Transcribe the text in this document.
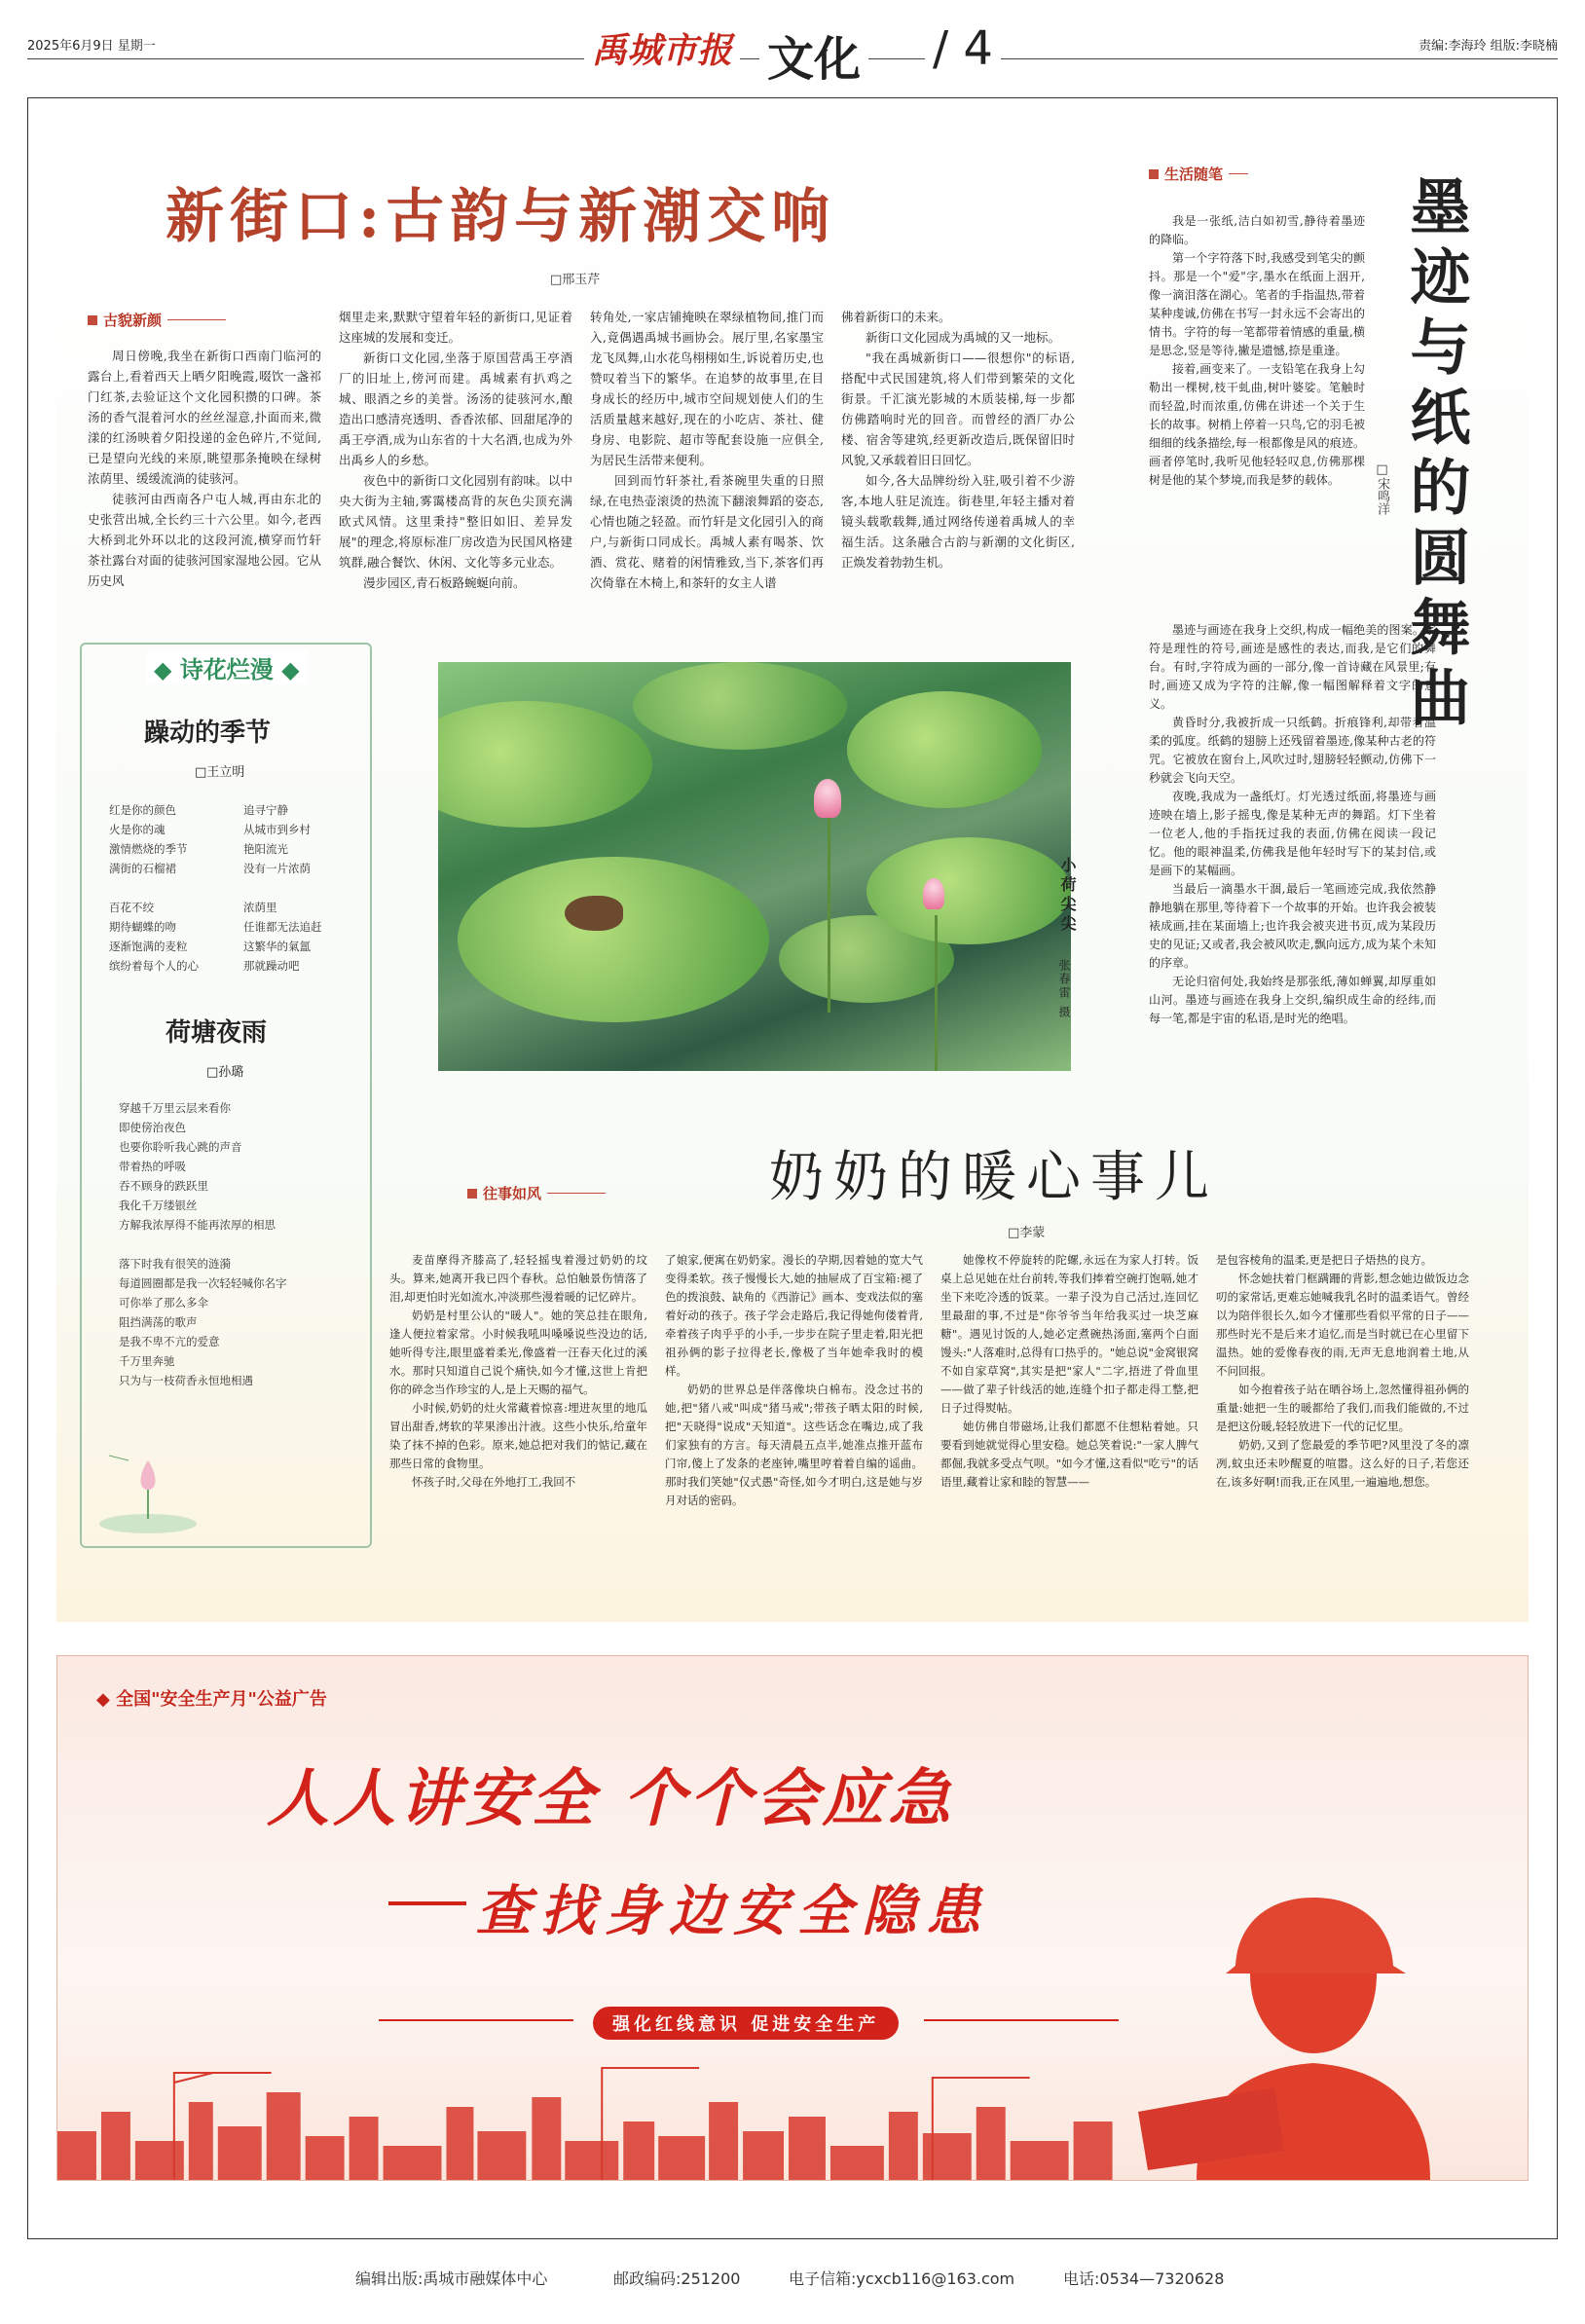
2025年6月9日 星期一	禹城市报 文化 / 4	责编:李海玲 组版:李晓楠
新街口:古韵与新潮交响
□邢玉芹
古貌新颜

周日傍晚,我坐在新街口西南门临河的露台上,看着西天上晒夕阳晚霞,啜饮一盏祁门红茶,去验证这个文化园积攒的口碑。茶汤的香气混着河水的丝丝湿意,扑面而来,微漾的红汤映着夕阳投递的金色碎片,不觉间,已是望向光线的来原,眺望那条掩映在绿树浓荫里、缓缓流淌的徒骇河。

徒骇河由西南各户屯人城,再由东北的史张营出城,全长约三十六公里。如今,老西大桥到北外环以北的这段河流,横穿而竹轩茶社露台对面的徒骇河国家湿地公园。它从历史风

烟里走来,默默守望着年轻的新街口,见证着这座城的发展和变迁。

新街口文化园,坐落于原国营禹王亭酒厂的旧址上,傍河而建。禹城素有扒鸡之城、眼酒之乡的美誉。汤汤的徒骇河水,酿造出口感清亮透明、香香浓郁、回甜尾净的禹王亭酒,成为山东省的十大名酒,也成为外出禹乡人的乡愁。

夜色中的新街口文化园别有韵味。以中央大街为主轴,雾霭楼高背的灰色尖顶充满欧式风情。这里秉持"整旧如旧、差异发展"的理念,将原标准厂房改造为民国风格建筑群,融合餐饮、休闲、文化等多元业态。

漫步园区,青石板路蜿蜒向前。

转角处,一家店铺掩映在翠绿植物间,推门而入,竟偶遇禹城书画协会。展厅里,名家墨宝龙飞凤舞,山水花鸟栩栩如生,诉说着历史,也赞叹着当下的繁华。在追梦的故事里,在目身成长的经历中,城市空间规划使人们的生活质量越来越好,现在的小吃店、茶社、健身房、电影院、超市等配套设施一应俱全,为居民生活带来便利。

回到而竹轩茶社,看茶碗里失重的日照绿,在电热壶滚烫的热流下翻滚舞蹈的姿态,心情也随之轻盈。而竹轩是文化园引入的商户,与新街口同成长。禹城人素有喝茶、饮酒、赏花、赌着的闲情雅致,当下,茶客们再次倚靠在木椅上,和茶轩的女主人谱

佛着新街口的未来。

新街口文化园成为禹城的又一地标。

"我在禹城新街口——很想你"的标语,搭配中式民国建筑,将人们带到繁荣的文化街景。千汇演光影城的木质装梯,每一步都仿佛踏响时光的回音。而曾经的酒厂办公楼、宿舍等建筑,经更新改造后,既保留旧时风貌,又承载着旧日回忆。

如今,各大品牌纷纷入驻,吸引着不少游客,本地人驻足流连。街巷里,年轻主播对着镜头载歌载舞,通过网络传递着禹城人的幸福生活。这条融合古韵与新潮的文化街区,正焕发着勃勃生机。

◆ 诗花烂漫 ◆
躁动的季节
□王立明
红是你的颜色
火是你的魂
激情燃烧的季节
满街的石榴裙
百花不绞
期待蝴蝶的吻
逐渐饱满的麦粒
缤纷着每个人的心
追寻宁静
从城市到乡村
艳阳流光
没有一片浓荫
浓荫里
任谁都无法追赶
这繁华的氣氲
那就躁动吧
荷塘夜雨
□孙璐
穿越千万里云层来看你
即使傍治夜色
也要你聆听我心跳的声音
带着热的呼吸
吞不顾身的跌跃里
我化千万缕银丝
方解我浓厚得不能再浓厚的相思
落下时我有很笑的涟漪
每道圆圈都是我一次轻轻喊你名字
可你举了那么多伞
阻挡满荡的歌声
是我不卑不亢的爱意
千万里奔驰
只为与一枝荷香永恒地相遇
小荷尖尖
张春雷 摄
生活随笔
墨迹与纸的圆舞曲
□宋鸣洋

我是一张纸,洁白如初雪,静待着墨迹的降临。

第一个字符落下时,我感受到笔尖的颤抖。那是一个"爱"字,墨水在纸面上洇开,像一滴泪落在湖心。笔者的手指温热,带着某种虔诚,仿佛在书写一封永远不会寄出的情书。字符的每一笔都带着情感的重量,横是思念,竖是等待,撇是遗憾,捺是重逢。

接着,画变来了。一支铅笔在我身上勾勒出一棵树,枝干虬曲,树叶婆娑。笔触时而轻盈,时而浓重,仿佛在讲述一个关于生长的故事。树梢上停着一只鸟,它的羽毛被细细的线条描绘,每一根都像是风的痕迹。画者停笔时,我听见他轻轻叹息,仿佛那棵树是他的某个梦境,而我是梦的载体。

墨迹与画迹在我身上交织,构成一幅绝美的图案。字符是理性的符号,画迹是感性的表达,而我,是它们的舞台。有时,字符成为画的一部分,像一首诗藏在风景里;有时,画迹又成为字符的注解,像一幅图解释着文字的意义。

黄昏时分,我被折成一只纸鹤。折痕锋利,却带着温柔的弧度。纸鹤的翅膀上还残留着墨迹,像某种古老的符咒。它被放在窗台上,风吹过时,翅膀轻轻颤动,仿佛下一秒就会飞向天空。

夜晚,我成为一盏纸灯。灯光透过纸面,将墨迹与画迹映在墙上,影子摇曳,像是某种无声的舞蹈。灯下坐着一位老人,他的手指抚过我的表面,仿佛在阅读一段记忆。他的眼神温柔,仿佛我是他年轻时写下的某封信,或是画下的某幅画。

当最后一滴墨水干涸,最后一笔画迹完成,我依然静静地躺在那里,等待着下一个故事的开始。也许我会被装裱成画,挂在某面墙上;也许我会被夹进书页,成为某段历史的见证;又或者,我会被风吹走,飘向远方,成为某个未知的序章。

无论归宿何处,我始终是那张纸,薄如蝉翼,却厚重如山河。墨迹与画迹在我身上交织,编织成生命的经纬,而每一笔,都是宇宙的私语,是时光的绝唱。

往事如风	奶奶的暖心事儿
□李蒙

麦苗摩得齐膝高了,轻轻摇曳着漫过奶奶的坟头。算来,她离开我已四个春秋。总怕触景伤情落了泪,却更怕时光如流水,冲淡那些漫着暖的记忆碎片。

奶奶是村里公认的"暖人"。她的笑总挂在眼角,逢人便拉着家常。小时候我吼叫嗓嗓说些没边的话,她听得专注,眼里盛着柔光,像盛着一汪春天化过的溪水。那时只知道自己说个痛快,如今才懂,这世上肯把你的碎念当作珍宝的人,是上天赐的福气。

小时候,奶奶的灶火常藏着惊喜:埋进灰里的地瓜冒出甜香,烤软的苹果渗出汁液。这些小快乐,给童年染了抹不掉的色彩。原来,她总把对我们的惦记,藏在那些日常的食物里。

怀孩子时,父母在外地打工,我回不

了娘家,便寓在奶奶家。漫长的孕期,因着她的宽大气变得柔软。孩子慢慢长大,她的抽屉成了百宝箱:褪了色的拨浪鼓、缺角的《西游记》画本、变戏法似的塞着好动的孩子。孩子学会走路后,我记得她佝偻着背,牵着孩子肉乎乎的小手,一步步在院子里走着,阳光把祖孙俩的影子拉得老长,像极了当年她牵我时的模样。

奶奶的世界总是伴落像块白棉布。没念过书的她,把"猪八戒"叫成"猪马戒";带孩子晒太阳的时候,把"天晓得"说成"天知道"。这些话念在嘴边,成了我们家独有的方言。每天清晨五点半,她准点推开蓝布门帘,傻上了发条的老座钟,嘴里哼着着自编的谣曲。那时我们笑她"仅式愚"奇怪,如今才明白,这是她与岁月对话的密码。

她像枚不停旋转的陀螺,永远在为家人打转。饭桌上总见她在灶台前转,等我们捧着空碗打饱嗝,她才坐下来吃冷透的饭菜。一辈子没为自己活过,连回忆里最甜的事,不过是"你爷爷当年给我买过一块芝麻糖"。遇见讨饭的人,她必定煮碗热汤面,塞两个白面馒头:"人落难时,总得有口热乎的。"她总说"金窝银窝不如自家草窝",其实是把"家人"二字,捂进了骨血里——做了辈子针线活的她,连缝个扣子都走得工整,把日子过得熨帖。

她仿佛自带磁场,让我们都愿不住想粘着她。只要看到她就觉得心里安稳。她总笑着说:"一家人脾气都倔,我就多受点气呗。"如今才懂,这看似"吃亏"的话语里,藏着让家和睦的智慧——

是包容棱角的温柔,更是把日子焐热的良方。

怀念她扶着门框蹒跚的背影,想念她边做饭边念叨的家常话,更难忘她喊我乳名时的温柔语气。曾经以为陪伴很长久,如今才懂那些看似平常的日子——那些时光不是后来才追忆,而是当时就已在心里留下温热。她的爱像春夜的雨,无声无息地润着土地,从不问回报。

如今抱着孩子站在晒谷场上,忽然懂得祖孙俩的重量:她把一生的暖都给了我们,而我们能做的,不过是把这份暖,轻轻放进下一代的记忆里。

奶奶,又到了您最爱的季节吧?风里没了冬的凛冽,蚊虫还未吵醒夏的喧嚣。这么好的日子,若您还在,该多好啊!而我,正在风里,一遍遍地,想您。

◆ 全国"安全生产月"公益广告
人人讲安全 个个会应急
查找身边安全隐患
强化红线意识 促进安全生产
编辑出版:禹城市融媒体中心	邮政编码:251200	电子信箱:ycxcb116@163.com	电话:0534—7320628
